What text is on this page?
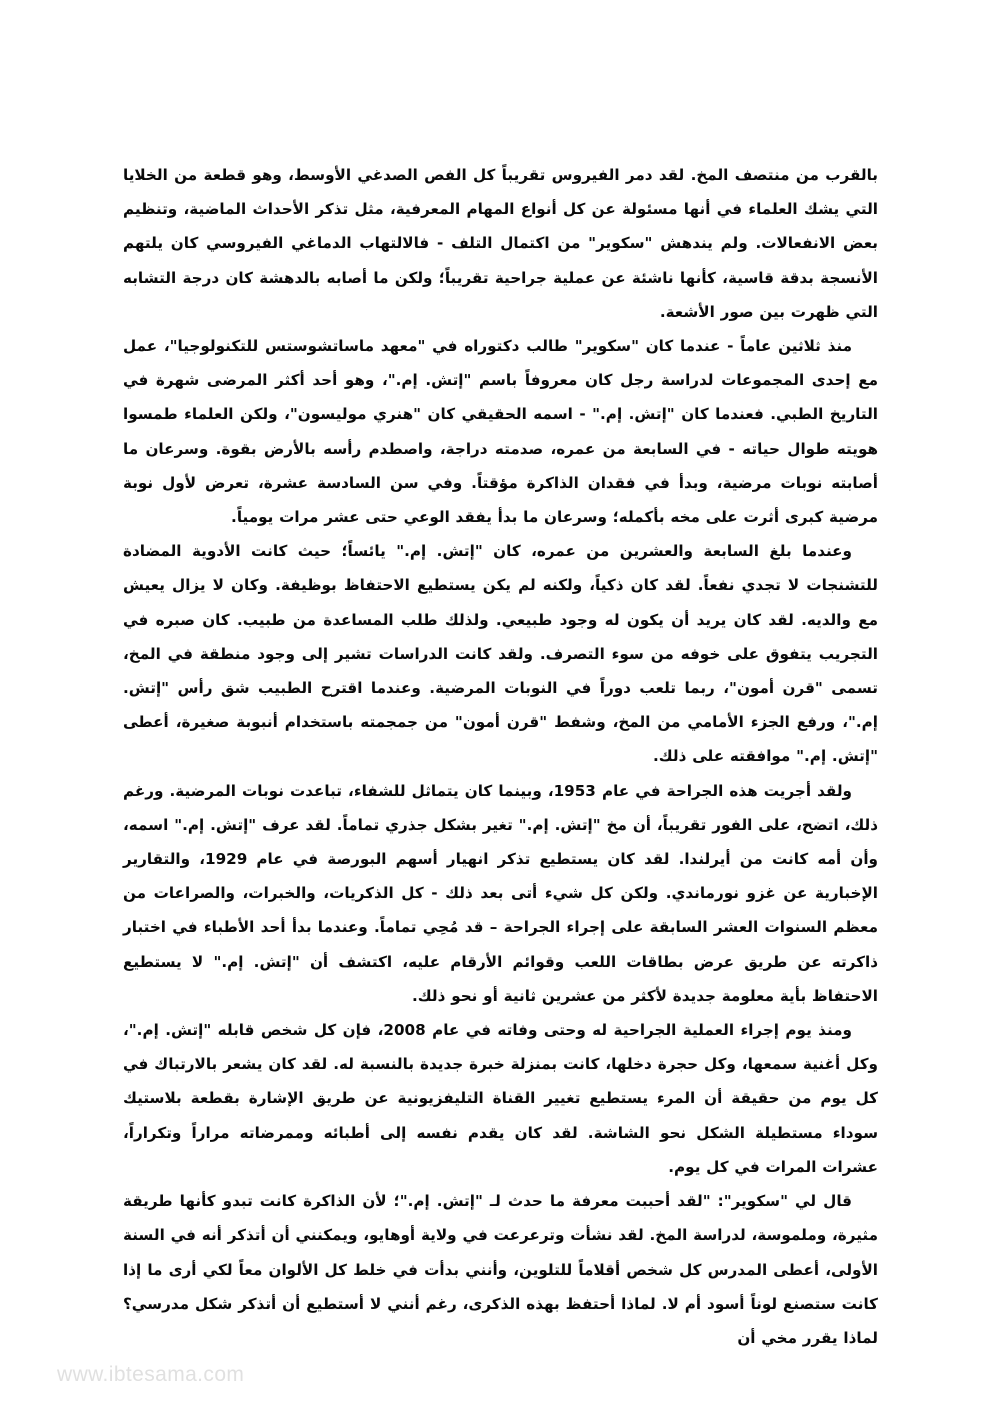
بالقرب من منتصف المخ. لقد دمر الفيروس تقريباً كل الفص الصدغي الأوسط، وهو قطعة من الخلايا التي يشك العلماء في أنها مسئولة عن كل أنواع المهام المعرفية، مثل تذكر الأحداث الماضية، وتنظيم بعض الانفعالات. ولم يندهش "سكوير" من اكتمال التلف - فالالتهاب الدماغي الفيروسي كان يلتهم الأنسجة بدقة قاسية، كأنها ناشئة عن عملية جراحية تقريباً؛ ولكن ما أصابه بالدهشة كان درجة التشابه التي ظهرت بين صور الأشعة.

منذ ثلاثين عاماً - عندما كان "سكوير" طالب دكتوراه في "معهد ماساتشوستس للتكنولوجيا"، عمل مع إحدى المجموعات لدراسة رجل كان معروفاً باسم "إتش. إم."، وهو أحد أكثر المرضى شهرة في التاريخ الطبي. فعندما كان "إتش. إم." - اسمه الحقيقي كان "هنري موليسون"، ولكن العلماء طمسوا هويته طوال حياته - في السابعة من عمره، صدمته دراجة، واصطدم رأسه بالأرض بقوة. وسرعان ما أصابته نوبات مرضية، وبدأ في فقدان الذاكرة مؤقتاً. وفي سن السادسة عشرة، تعرض لأول نوبة مرضية كبرى أثرت على مخه بأكمله؛ وسرعان ما بدأ يفقد الوعي حتى عشر مرات يومياً.

وعندما بلغ السابعة والعشرين من عمره، كان "إتش. إم." يائساً؛ حيث كانت الأدوية المضادة للتشنجات لا تجدي نفعاً. لقد كان ذكياً، ولكنه لم يكن يستطيع الاحتفاظ بوظيفة. وكان لا يزال يعيش مع والديه. لقد كان يريد أن يكون له وجود طبيعي. ولذلك طلب المساعدة من طبيب. كان صبره في التجريب يتفوق على خوفه من سوء التصرف. ولقد كانت الدراسات تشير إلى وجود منطقة في المخ، تسمى "قرن أمون"، ربما تلعب دوراً في النوبات المرضية. وعندما اقترح الطبيب شق رأس "إتش. إم."، ورفع الجزء الأمامي من المخ، وشفط "قرن أمون" من جمجمته باستخدام أنبوبة صغيرة، أعطى "إتش. إم." موافقته على ذلك.

ولقد أجريت هذه الجراحة في عام 1953، وبينما كان يتماثل للشفاء، تباعدت نوبات المرضية. ورغم ذلك، اتضح، على الفور تقريباً، أن مخ "إتش. إم." تغير بشكل جذري تماماً. لقد عرف "إتش. إم." اسمه، وأن أمه كانت من أيرلندا. لقد كان يستطيع تذكر انهيار أسهم البورصة في عام 1929، والتقارير الإخبارية عن غزو نورماندي. ولكن كل شيء أتى بعد ذلك - كل الذكريات، والخبرات، والصراعات من معظم السنوات العشر السابقة على إجراء الجراحة – قد مُحِي تماماً. وعندما بدأ أحد الأطباء في اختبار ذاكرته عن طريق عرض بطاقات اللعب وقوائم الأرقام عليه، اكتشف أن "إتش. إم." لا يستطيع الاحتفاظ بأية معلومة جديدة لأكثر من عشرين ثانية أو نحو ذلك.

ومنذ يوم إجراء العملية الجراحية له وحتى وفاته في عام 2008، فإن كل شخص قابله "إتش. إم."، وكل أغنية سمعها، وكل حجرة دخلها، كانت بمنزلة خبرة جديدة بالنسبة له. لقد كان يشعر بالارتباك في كل يوم من حقيقة أن المرء يستطيع تغيير القناة التليفزيونية عن طريق الإشارة بقطعة بلاستيك سوداء مستطيلة الشكل نحو الشاشة. لقد كان يقدم نفسه إلى أطبائه وممرضاته مراراً وتكراراً، عشرات المرات في كل يوم.

قال لي "سكوير": "لقد أحببت معرفة ما حدث لـ "إتش. إم."؛ لأن الذاكرة كانت تبدو كأنها طريقة مثيرة، وملموسة، لدراسة المخ. لقد نشأت وترعرعت في ولاية أوهايو، ويمكنني أن أتذكر أنه في السنة الأولى، أعطى المدرس كل شخص أقلاماً للتلوين، وأنني بدأت في خلط كل الألوان معاً لكي أرى ما إذا كانت ستصنع لوناً أسود أم لا. لماذا أحتفظ بهذه الذكرى، رغم أنني لا أستطيع أن أتذكر شكل مدرسي؟ لماذا يقرر مخي أن

www.ibtesama.com
